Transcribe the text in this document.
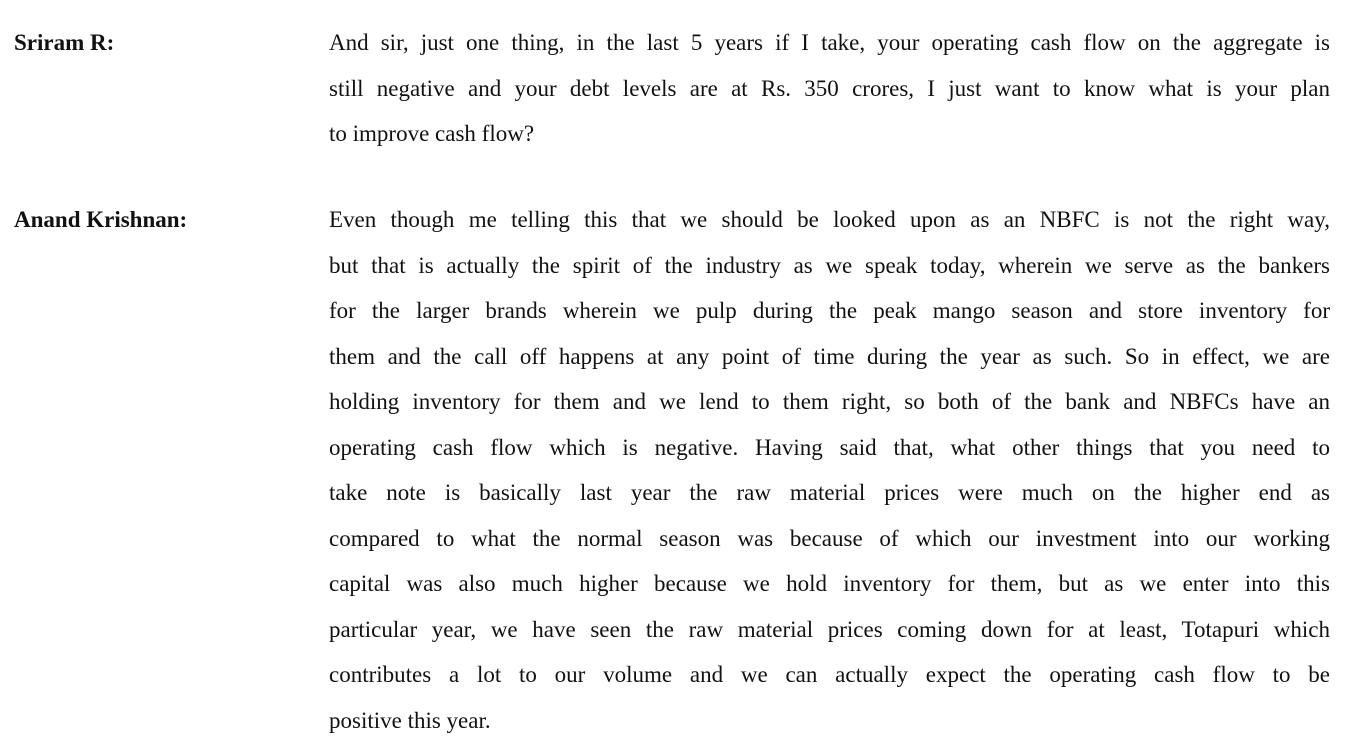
Sriram R:	And sir, just one thing, in the last 5 years if I take, your operating cash flow on the aggregate is
still negative and your debt levels are at Rs. 350 crores, I just want to know what is your plan
to improve cash flow?
Anand Krishnan:	Even though me telling this that we should be looked upon as an NBFC is not the right way,
but that is actually the spirit of the industry as we speak today, wherein we serve as the bankers
for the larger brands wherein we pulp during the peak mango season and store inventory for
them and the call off happens at any point of time during the year as such. So in effect, we are
holding inventory for them and we lend to them right, so both of the bank and NBFCs have an
operating cash flow which is negative. Having said that, what other things that you need to
take note is basically last year the raw material prices were much on the higher end as
compared to what the normal season was because of which our investment into our working
capital was also much higher because we hold inventory for them, but as we enter into this
particular year, we have seen the raw material prices coming down for at least, Totapuri which
contributes a lot to our volume and we can actually expect the operating cash flow to be
positive this year.
